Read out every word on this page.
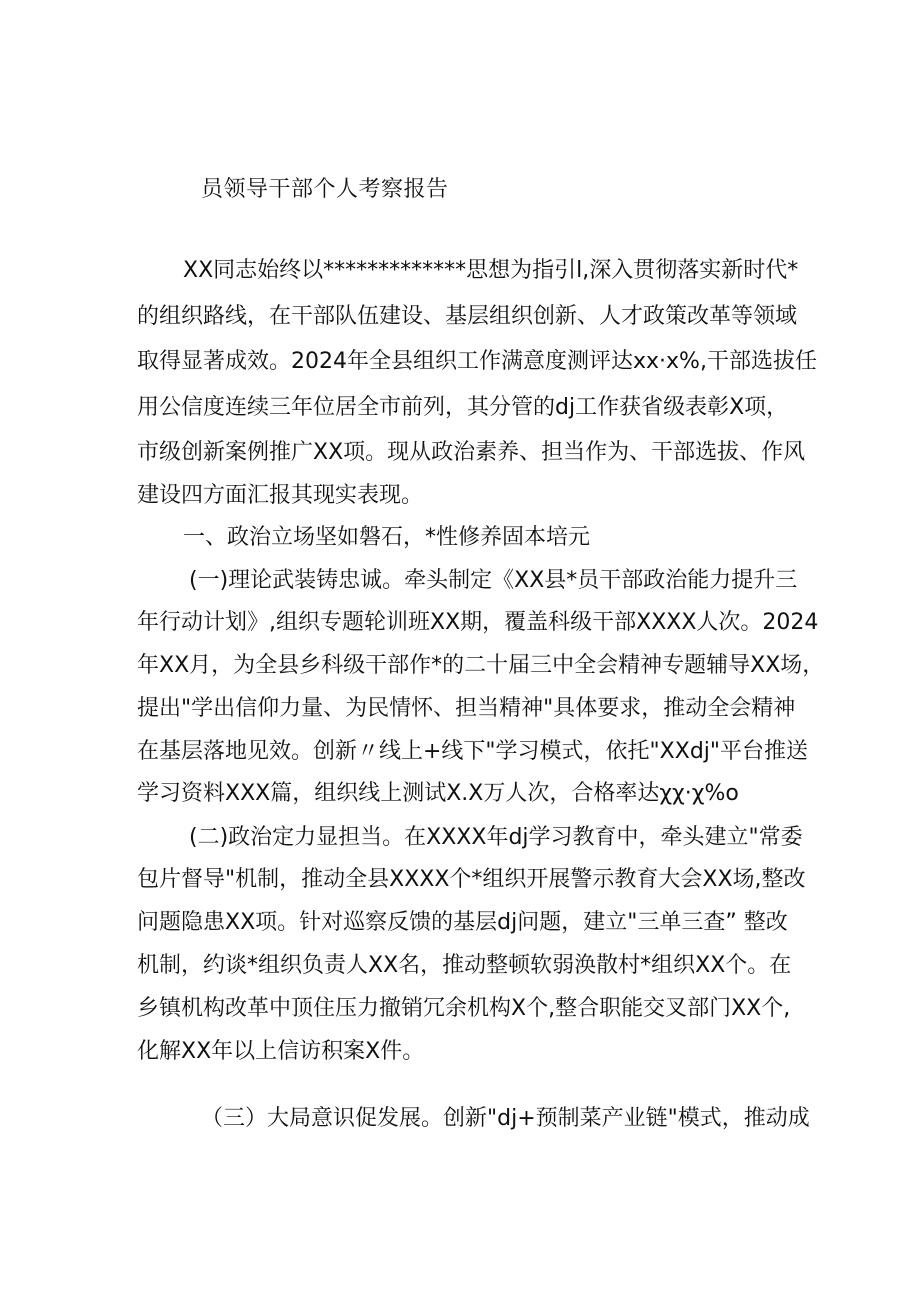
员领导干部个人考察报告
XX同志始终以*************思想为指引l,深入贯彻落实新时代*
的组织路线，在干部队伍建设、基层组织创新、人才政策改革等领域
取得显著成效。2024年全县组织工作满意度测评达xx·x%,干部选拔任
用公信度连续三年位居全市前列，其分管的dj工作获省级表彰X项，
市级创新案例推广XX项。现从政治素养、担当作为、干部选拔、作风
建设四方面汇报其现实表现。
一、政治立场坚如磐石，*性修养固本培元
(一)理论武装铸忠诚。牵头制定《XX县*员干部政治能力提升三
年行动计划》,组织专题轮训班XX期，覆盖科级干部XXXX人次。2024
年XX月，为全县乡科级干部作*的二十届三中全会精神专题辅导XX场，
提出"学出信仰力量、为民情怀、担当精神"具体要求，推动全会精神
在基层落地见效。创新〃线上+线下"学习模式，依托"XXdj"平台推送
学习资料XXX篇，组织线上测试X.X万人次，合格率达χχ·χ%o
(二)政治定力显担当。在XXXX年dj学习教育中，牵头建立"常委
包片督导"机制，推动全县XXXX个*组织开展警示教育大会XX场,整改
问题隐患XX项。针对巡察反馈的基层dj问题，建立"三单三查” 整改
机制，约谈*组织负责人XX名，推动整顿软弱涣散村*组织XX个。在
乡镇机构改革中顶住压力撤销冗余机构X个,整合职能交叉部门XX个,
化解XX年以上信访积案X件。
（三）大局意识促发展。创新"dj+预制菜产业链"模式，推动成
